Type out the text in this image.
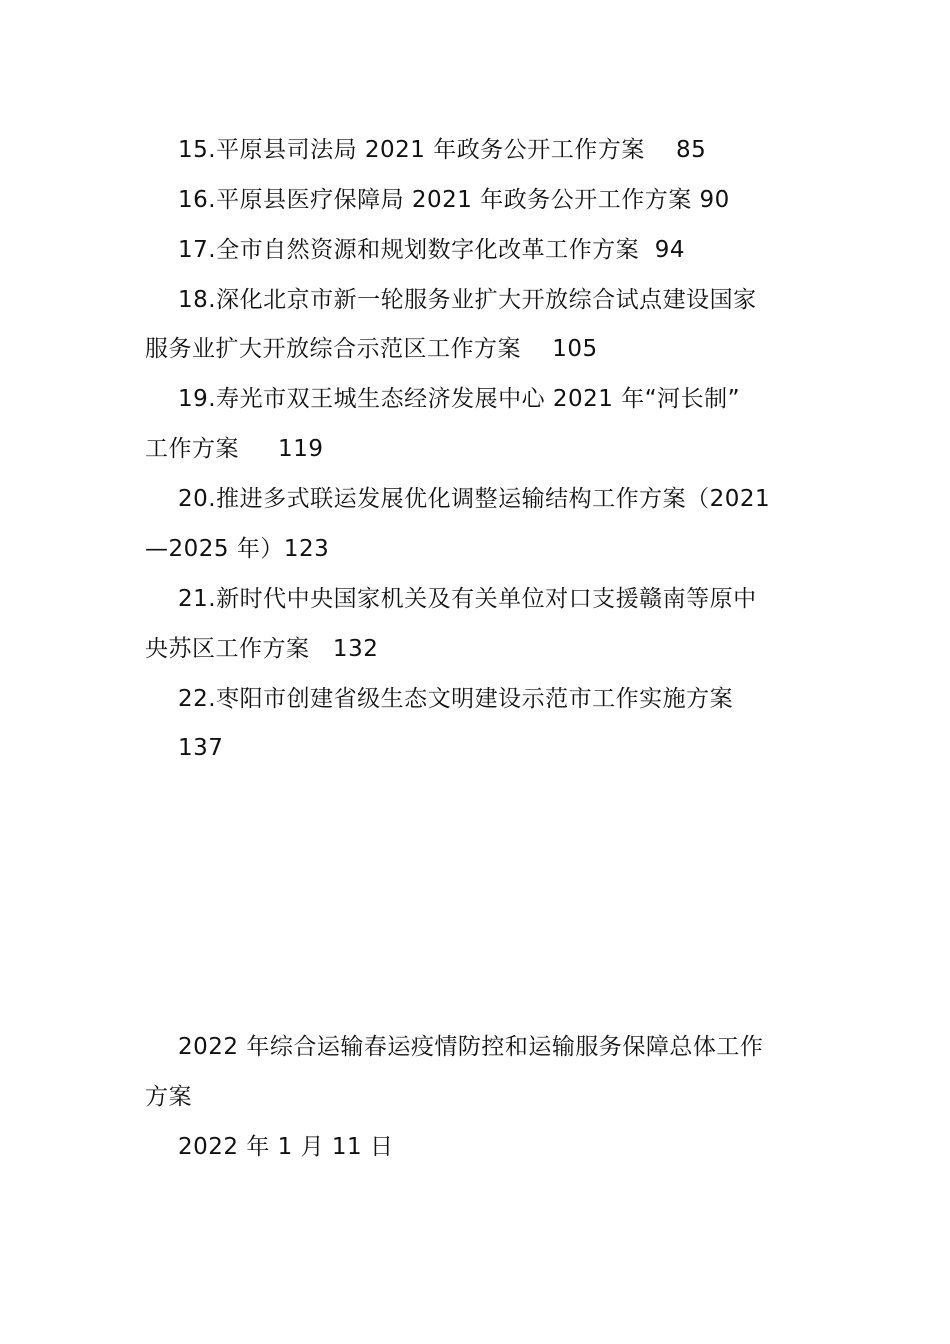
15.平原县司法局 2021 年政务公开工作方案    85
16.平原县医疗保障局 2021 年政务公开工作方案 90
17.全市自然资源和规划数字化改革工作方案  94
18.深化北京市新一轮服务业扩大开放综合试点建设国家
服务业扩大开放综合示范区工作方案    105
19.寿光市双王城生态经济发展中心 2021 年“河长制”
工作方案     119
20.推进多式联运发展优化调整运输结构工作方案（2021
—2025 年）123
21.新时代中央国家机关及有关单位对口支援赣南等原中
央苏区工作方案   132
22.枣阳市创建省级生态文明建设示范市工作实施方案
137
2022 年综合运输春运疫情防控和运输服务保障总体工作
方案
2022 年 1 月 11 日
